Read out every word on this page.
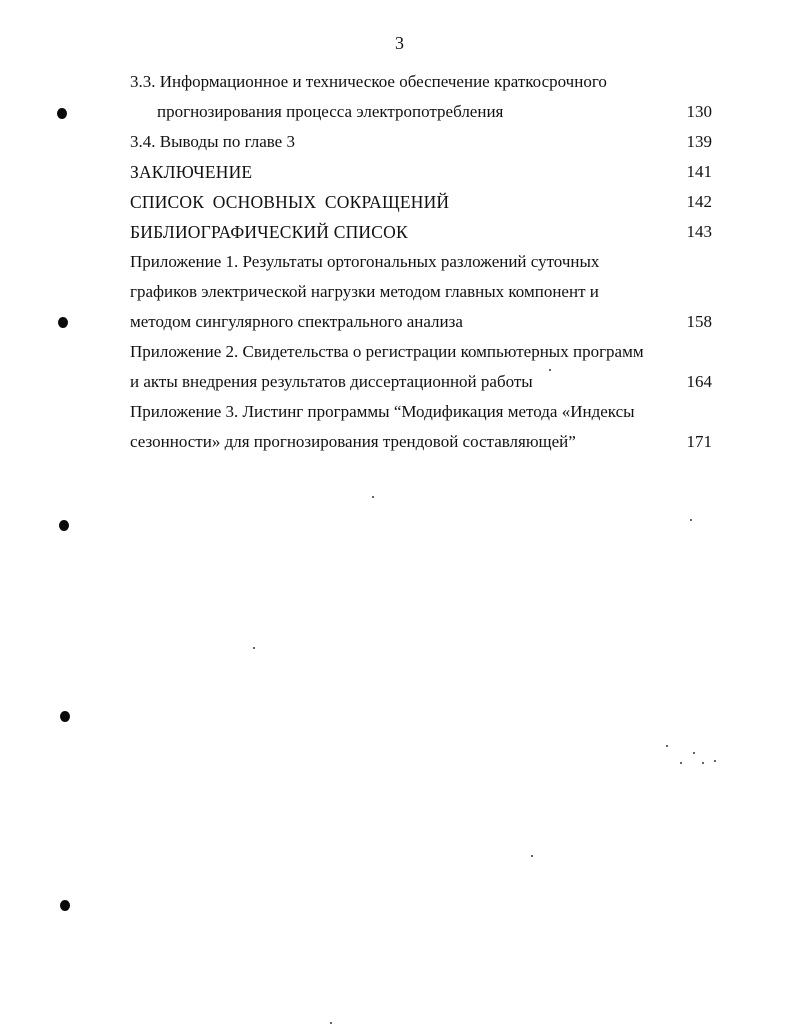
3
3.3. Информационное и техническое обеспечение краткосрочного
прогнозирования процесса электропотребления	130
3.4. Выводы по главе 3	139
ЗАКЛЮЧЕНИЕ	141
СПИСОК ОСНОВНЫХ СОКРАЩЕНИЙ	142
БИБЛИОГРАФИЧЕСКИЙ СПИСОК	143
Приложение 1. Результаты ортогональных разложений суточных
графиков электрической нагрузки методом главных компонент и
методом сингулярного спектрального анализа	158
Приложение 2. Свидетельства о регистрации компьютерных программ
и акты внедрения результатов диссертационной работы	164
Приложение 3. Листинг программы “Модификация метода «Индексы
сезонности» для прогнозирования трендовой составляющей”	171
